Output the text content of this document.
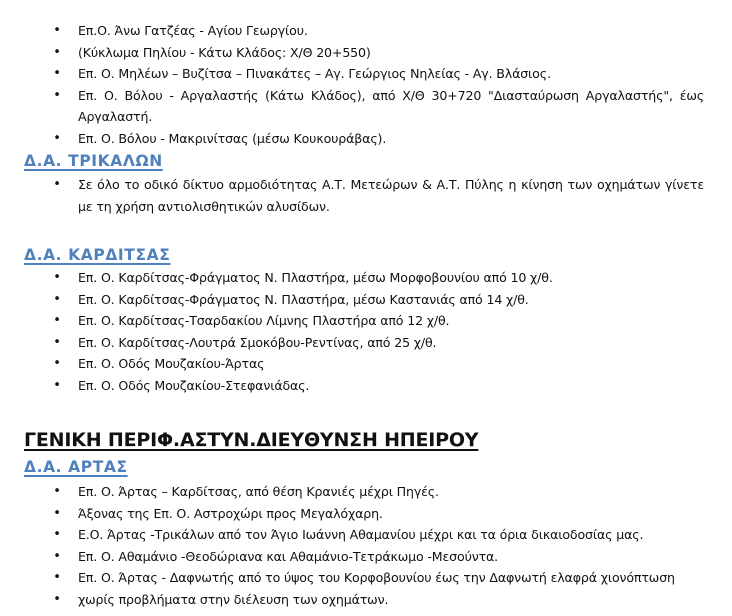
• Επ.Ο. Άνω Γατζέας - Αγίου Γεωργίου.
• (Κύκλωμα Πηλίου - Κάτω Κλάδος: Χ/Θ 20+550)
• Επ. Ο. Μηλέων – Βυζίτσα – Πινακάτες – Αγ. Γεώργιος Νηλείας - Αγ. Βλάσιος.
• Επ. Ο. Βόλου - Αργαλαστής (Κάτω Κλάδος), από Χ/Θ 30+720 "Διασταύρωση Αργαλαστής", έως Αργαλαστή.
• Επ. Ο. Βόλου - Μακρινίτσας (μέσω Κουκουράβας).
Δ.Α. ΤΡΙΚΑΛΩΝ
• Σε όλο το οδικό δίκτυο αρμοδιότητας Α.Τ. Μετεώρων & Α.Τ. Πύλης η κίνηση των οχημάτων γίνετε με τη χρήση αντιολισθητικών αλυσίδων.
Δ.Α. ΚΑΡΔΙΤΣΑΣ
• Επ. Ο. Καρδίτσας-Φράγματος Ν. Πλαστήρα, μέσω Μορφοβουνίου από 10 χ/θ.
• Επ. Ο. Καρδίτσας-Φράγματος Ν. Πλαστήρα, μέσω Καστανιάς από 14 χ/θ.
• Επ. Ο. Καρδίτσας-Τσαρδακίου Λίμνης Πλαστήρα από 12 χ/θ.
• Επ. Ο. Καρδίτσας-Λουτρά Σμοκόβου-Ρεντίνας, από 25 χ/θ.
• Επ. Ο. Οδός Μουζακίου-Άρτας
• Επ. Ο. Οδός Μουζακίου-Στεφανιάδας.
ΓΕΝΙΚΗ ΠΕΡΙΦ.ΑΣΤΥΝ.ΔΙΕΥΘΥΝΣΗ ΗΠΕΙΡΟΥ
Δ.Α. ΑΡΤΑΣ
• Επ. Ο. Άρτας – Καρδίτσας, από θέση Κρανιές μέχρι Πηγές.
• Άξονας της Επ. Ο. Αστροχώρι προς Μεγαλόχαρη.
• Ε.Ο. Άρτας -Τρικάλων από τον Άγιο Ιωάννη Αθαμανίου μέχρι και τα όρια δικαιοδοσίας μας.
• Επ. Ο. Αθαμάνιο -Θεοδώριανα και Αθαμάνιο-Τετράκωμο -Μεσούντα.
• Επ. Ο. Άρτας - Δαφνωτής από το ύψος του Κορφοβουνίου έως την Δαφνωτή ελαφρά χιονόπτωση
• χωρίς προβλήματα στην διέλευση των οχημάτων.
